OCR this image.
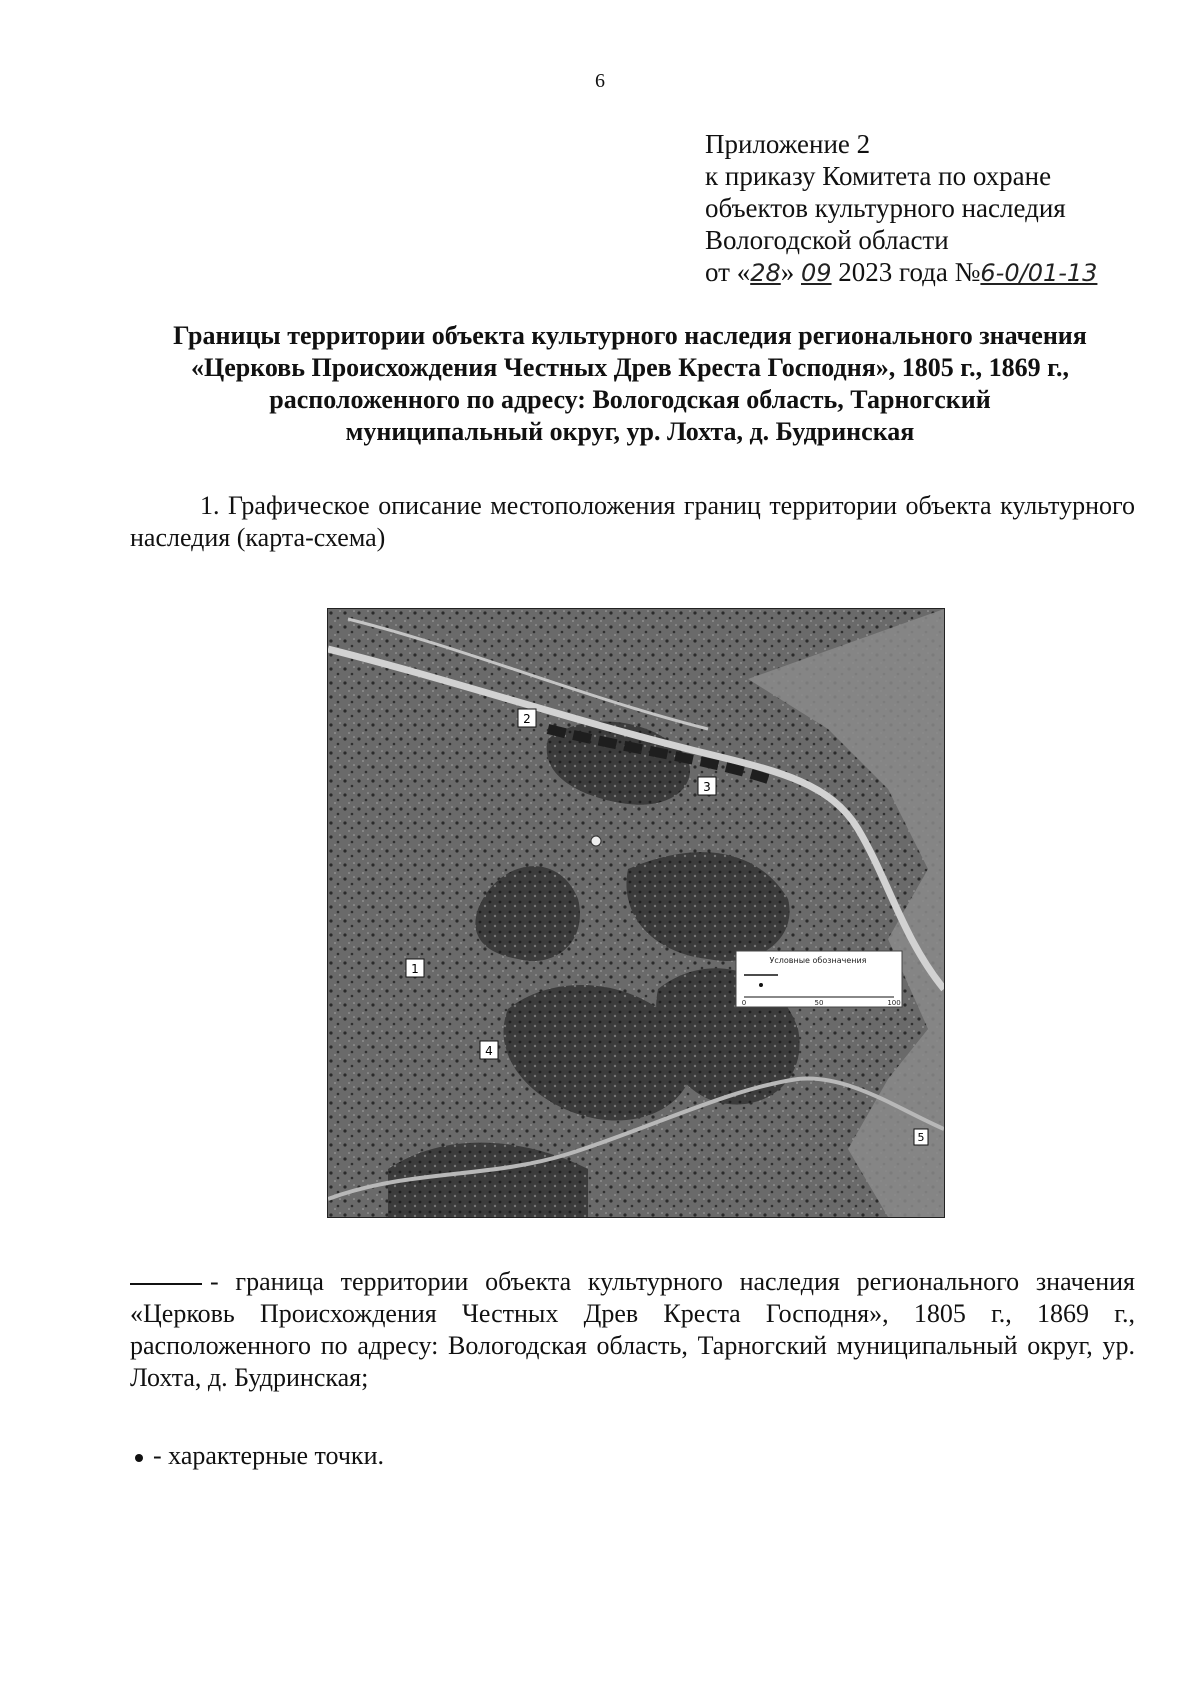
6
Приложение 2
к приказу Комитета по охране
объектов культурного наследия
Вологодской области
от «28» 09 2023 года №6-0/01-13
Границы территории объекта культурного наследия регионального значения
«Церковь Происхождения Честных Древ Креста Господня», 1805 г., 1869 г.,
расположенного по адресу: Вологодская область, Тарногский
муниципальный округ, ур. Лохта, д. Будринская
1. Графическое описание местоположения границ территории объекта культурного наследия (карта-схема)
1
2
3
4
5
Условные обозначения
0	50	100
- граница территории объекта культурного наследия регионального значения «Церковь Происхождения Честных Древ Креста Господня», 1805 г., 1869 г., расположенного по адресу: Вологодская область, Тарногский муниципальный округ, ур. Лохта, д. Будринская;
- характерные точки.
